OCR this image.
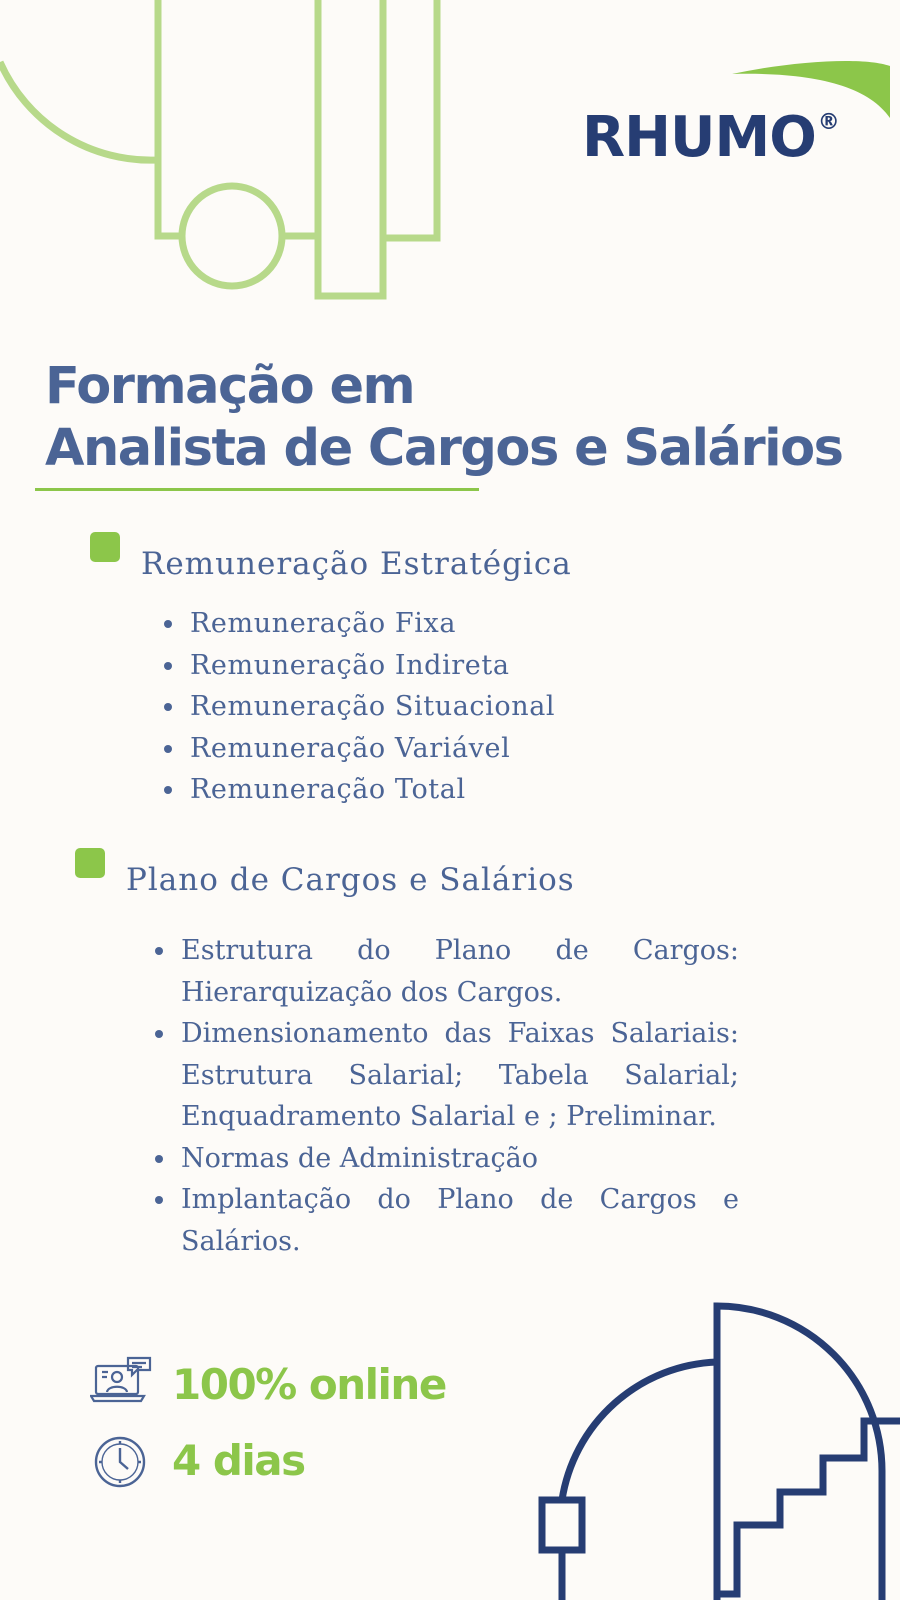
RHUMO®
Formação em
Analista de Cargos e Salários
Remuneração Estratégica
Remuneração Fixa
Remuneração Indireta
Remuneração Situacional
Remuneração Variável
Remuneração Total
Plano de Cargos e Salários
Estrutura do Plano de Cargos: Hierarquização dos Cargos.
Dimensionamento das Faixas Salariais: Estrutura Salarial; Tabela Salarial; Enquadramento Salarial e ; Preliminar.
Normas de Administração
Implantação do Plano de Cargos e Salários.
100% online
4 dias
